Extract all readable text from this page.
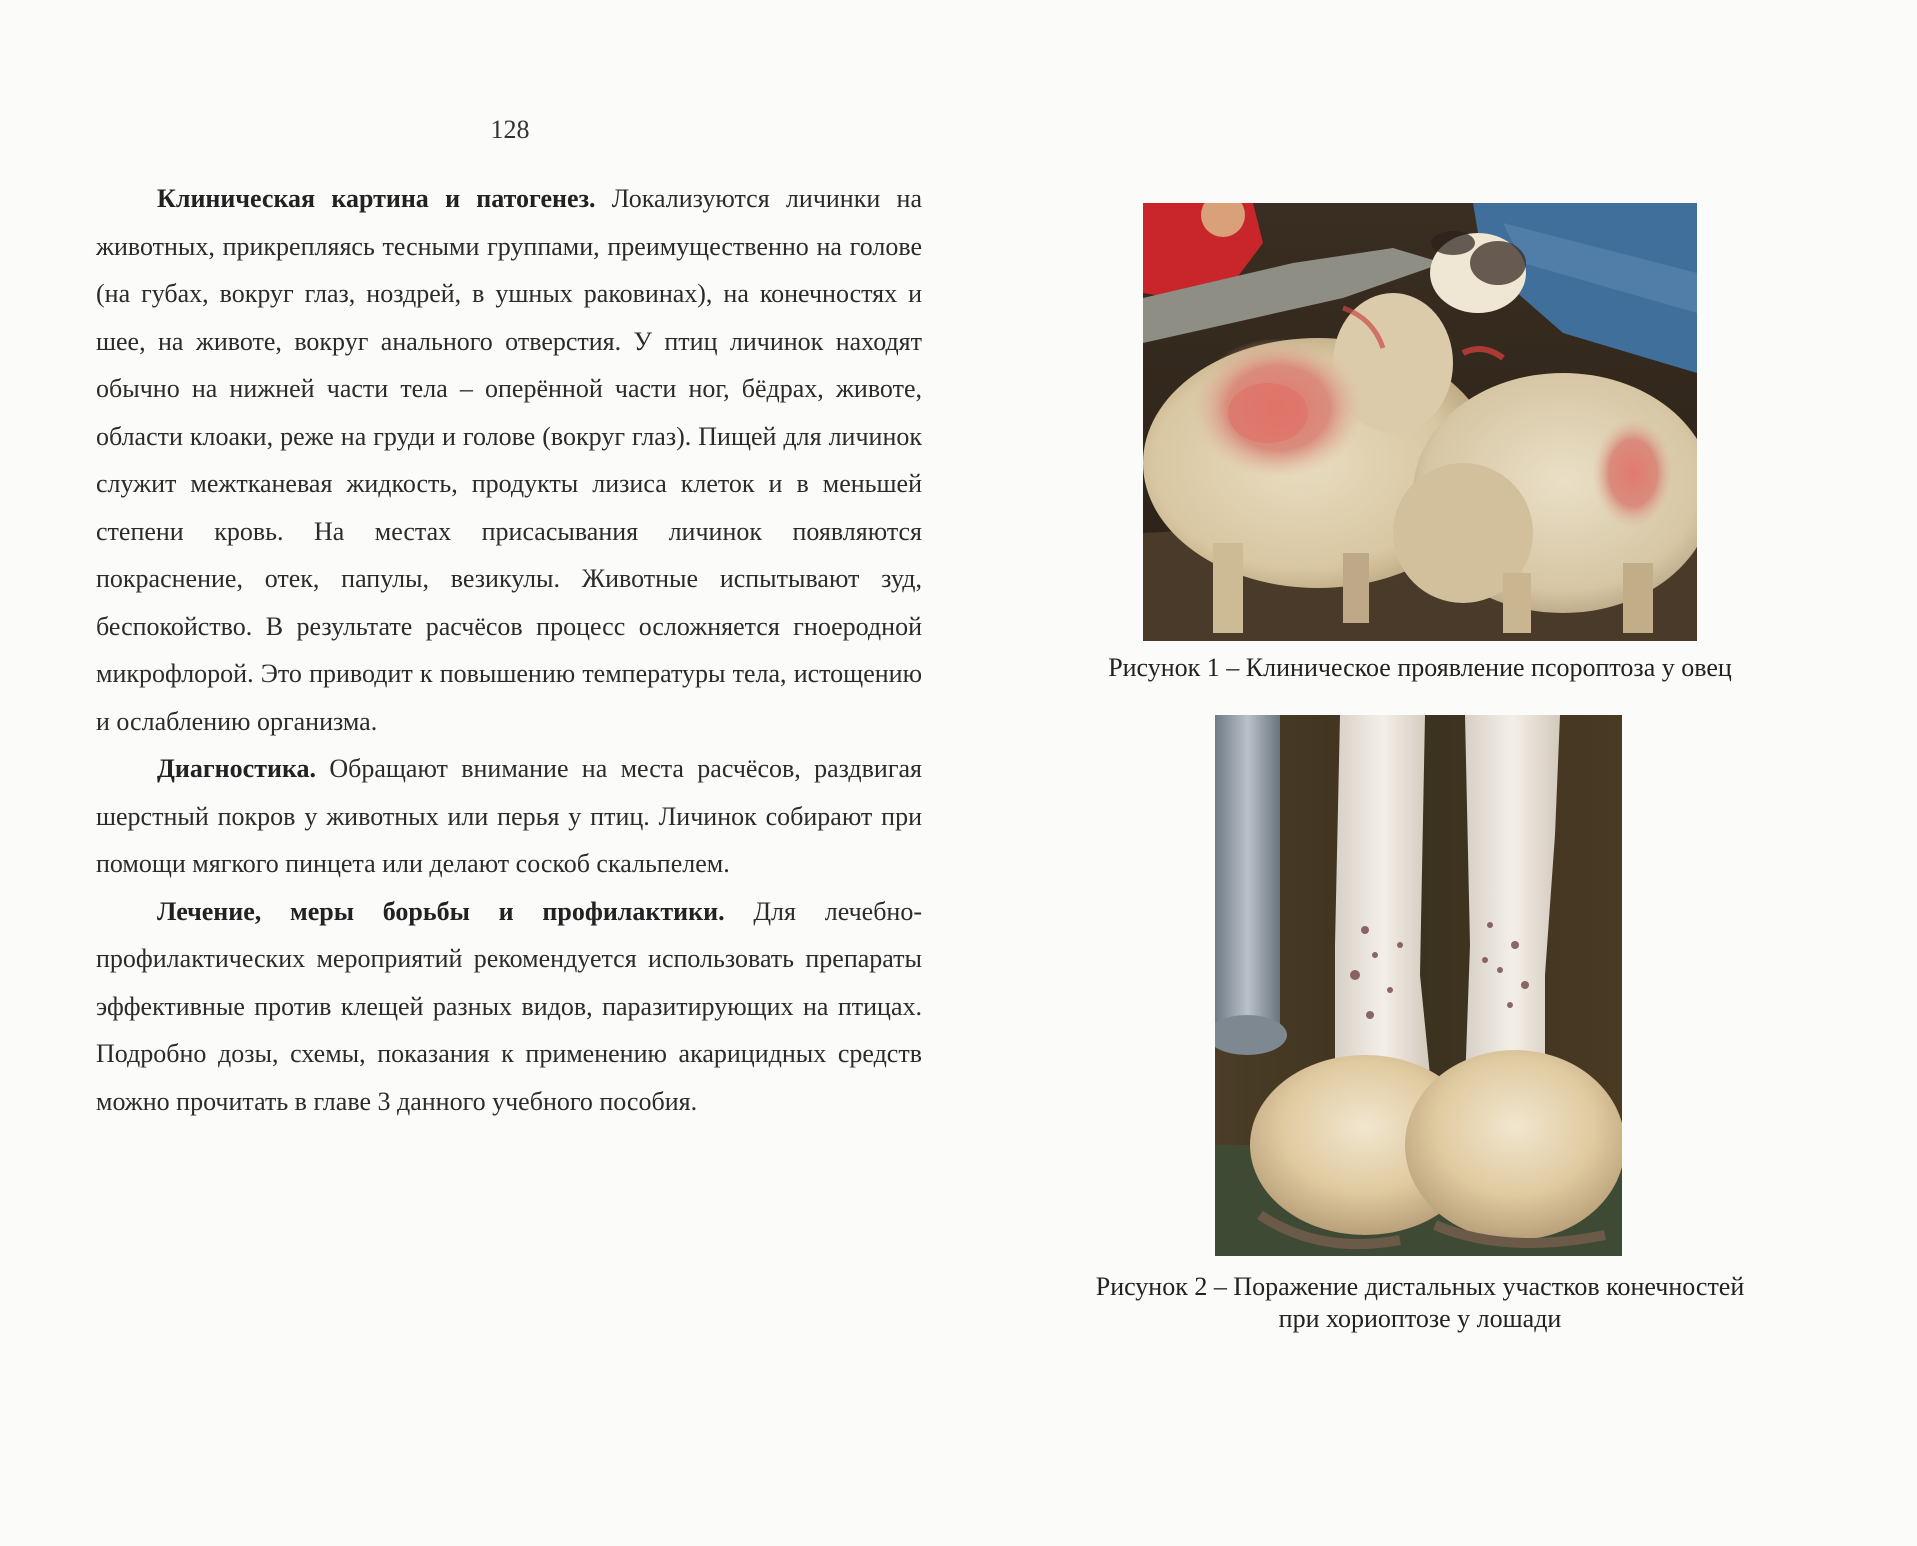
128

Клиническая картина и патогенез. Локализуются личинки на животных, прикрепляясь тесными группами, преимущественно на голове (на губах, вокруг глаз, ноздрей, в ушных раковинах), на конечностях и шее, на животе, вокруг анального отверстия. У птиц личинок находят обычно на нижней части тела – оперённой части ног, бёдрах, животе, области клоаки, реже на груди и голове (вокруг глаз). Пищей для личинок служит межтканевая жидкость, продукты лизиса клеток и в меньшей степени кровь. На местах присасывания личинок появляются покраснение, отек, папулы, везикулы. Животные испытывают зуд, беспокойство. В результате расчёсов процесс осложняется гноеродной микрофлорой. Это приводит к повышению температуры тела, истощению и ослаблению организма.

Диагностика. Обращают внимание на места расчёсов, раздвигая шерстный покров у животных или перья у птиц. Личинок собирают при помощи мягкого пинцета или делают соскоб скальпелем.

Лечение, меры борьбы и профилактики. Для лечебно-профилактических мероприятий рекомендуется использовать препараты эффективные против клещей разных видов, паразитирующих на птицах. Подробно дозы, схемы, показания к применению акарицидных средств можно прочитать в главе 3 данного учебного пособия.

Рисунок 1 – Клиническое проявление псороптоза у овец
Рисунок 2 – Поражение дистальных участков конечностей
при хориоптозе у лошади
